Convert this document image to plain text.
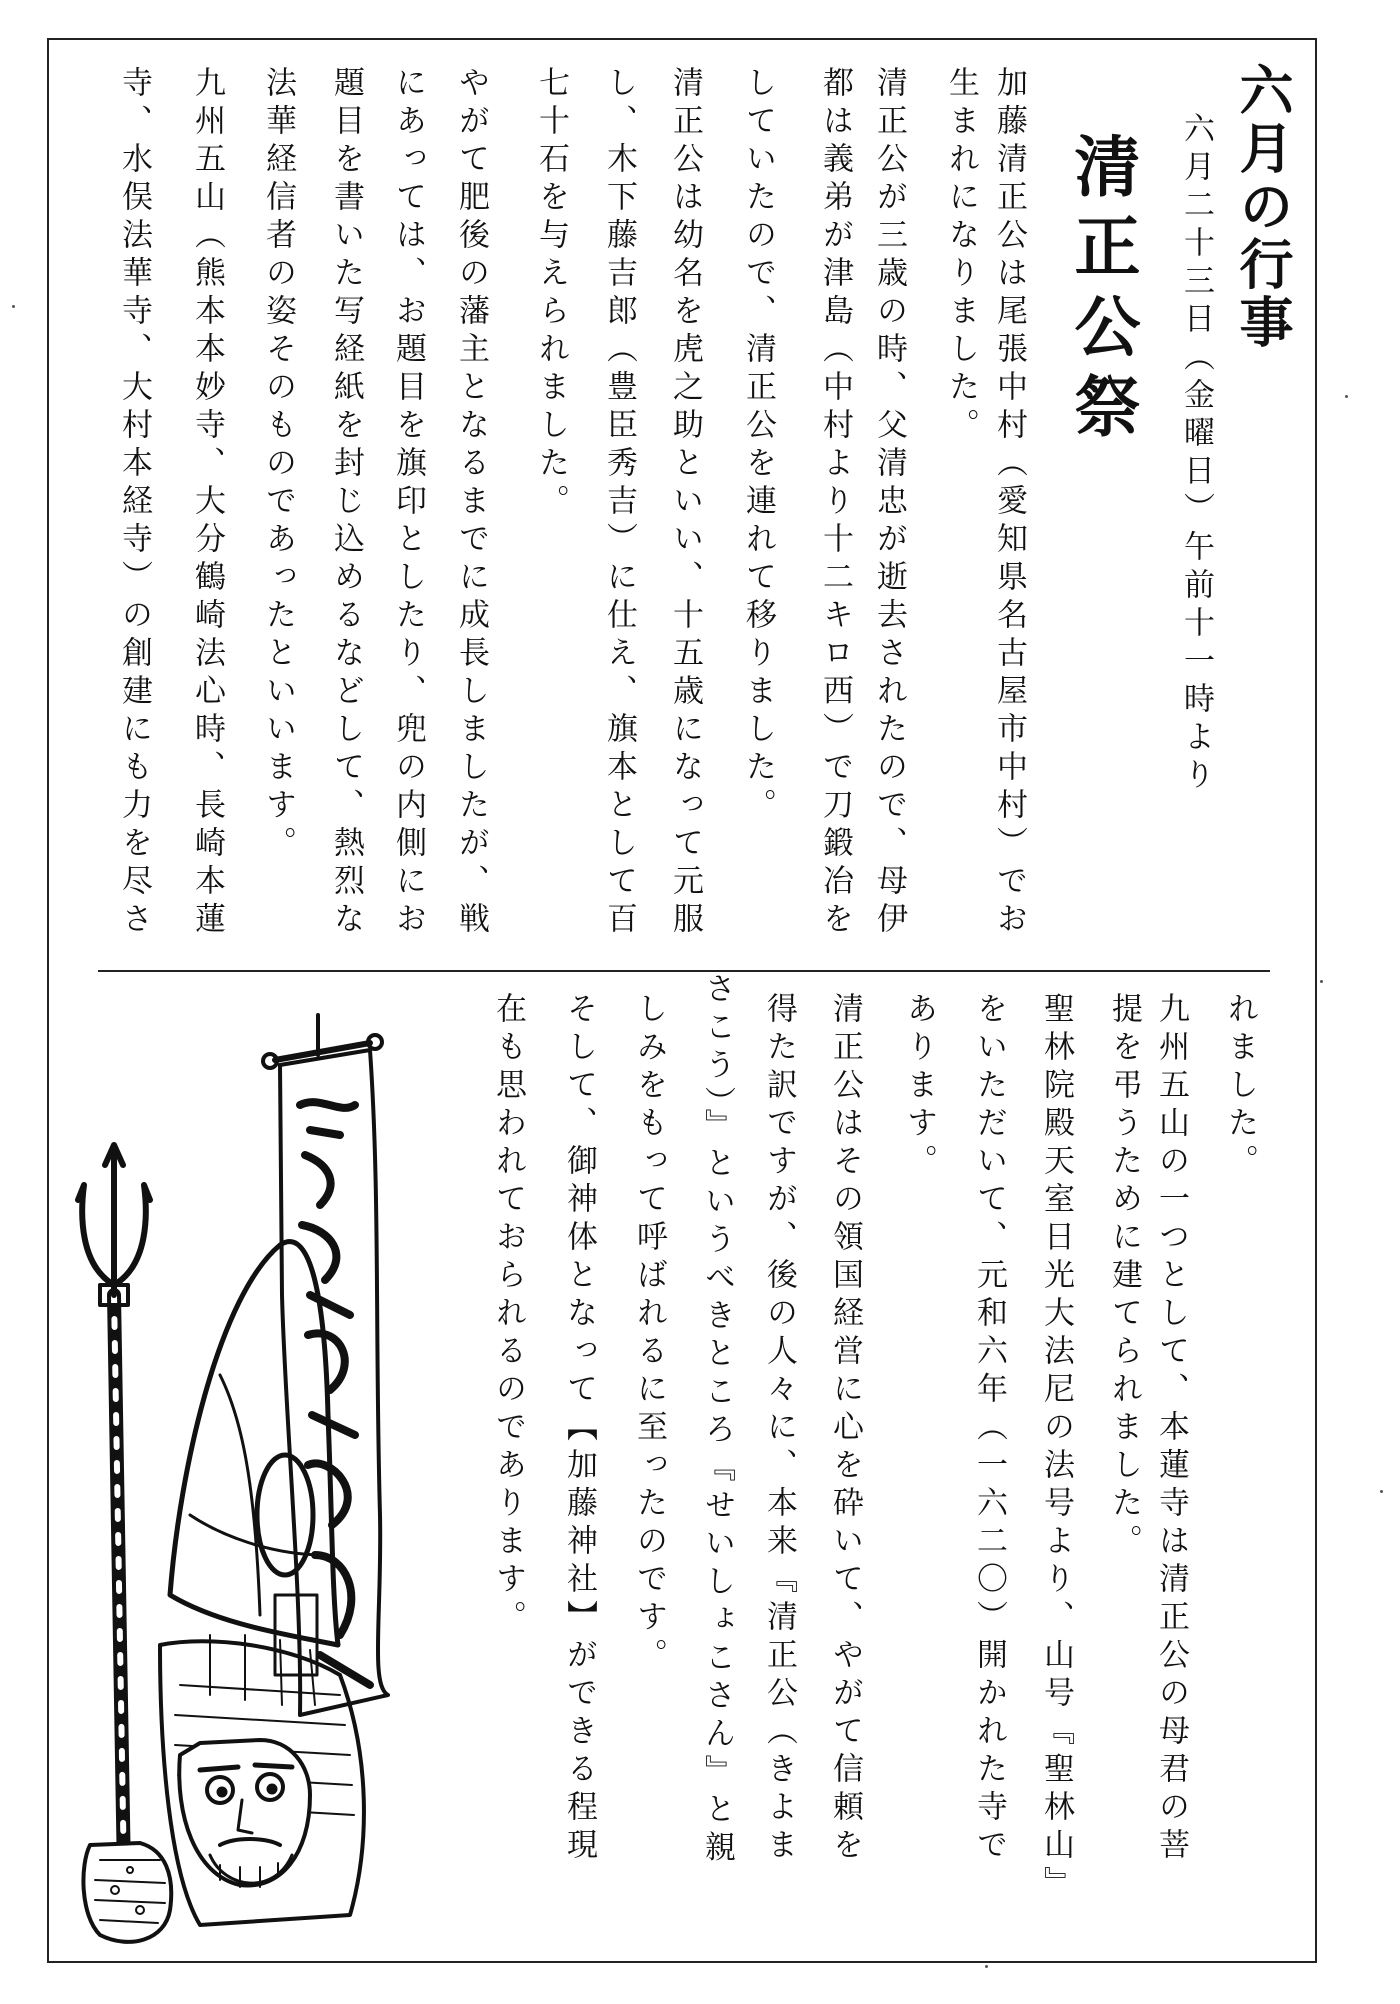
六月の行事
六月二十三日（金曜日）午前十一時より
清正公祭
加藤清正公は尾張中村（愛知県名古屋市中村）でお
生まれになりました。
清正公が三歳の時、父清忠が逝去されたので、母伊
都は義弟が津島（中村より十二キロ西）で刀鍛冶を
していたので、清正公を連れて移りました。
清正公は幼名を虎之助といい、十五歳になって元服
し、木下藤吉郎（豊臣秀吉）に仕え、旗本として百
七十石を与えられました。
やがて肥後の藩主となるまでに成長しましたが、戦
にあっては、お題目を旗印としたり、兜の内側にお
題目を書いた写経紙を封じ込めるなどして、熱烈な
法華経信者の姿そのものであったといいます。
九州五山（熊本本妙寺、大分鶴崎法心時、長崎本蓮
寺、水俣法華寺、大村本経寺）の創建にも力を尽さ
れました。
九州五山の一つとして、本蓮寺は清正公の母君の菩
提を弔うために建てられました。
聖林院殿天室日光大法尼の法号より、山号『聖林山』
をいただいて、元和六年（一六二〇）開かれた寺で
あります。
清正公はその領国経営に心を砕いて、やがて信頼を
得た訳ですが、後の人々に、本来『清正公（きよま
さこう）』というべきところ『せいしょこさん』と親
しみをもって呼ばれるに至ったのです。
そして、御神体となって【加藤神社】ができる程現
在も思われておられるのであります。
